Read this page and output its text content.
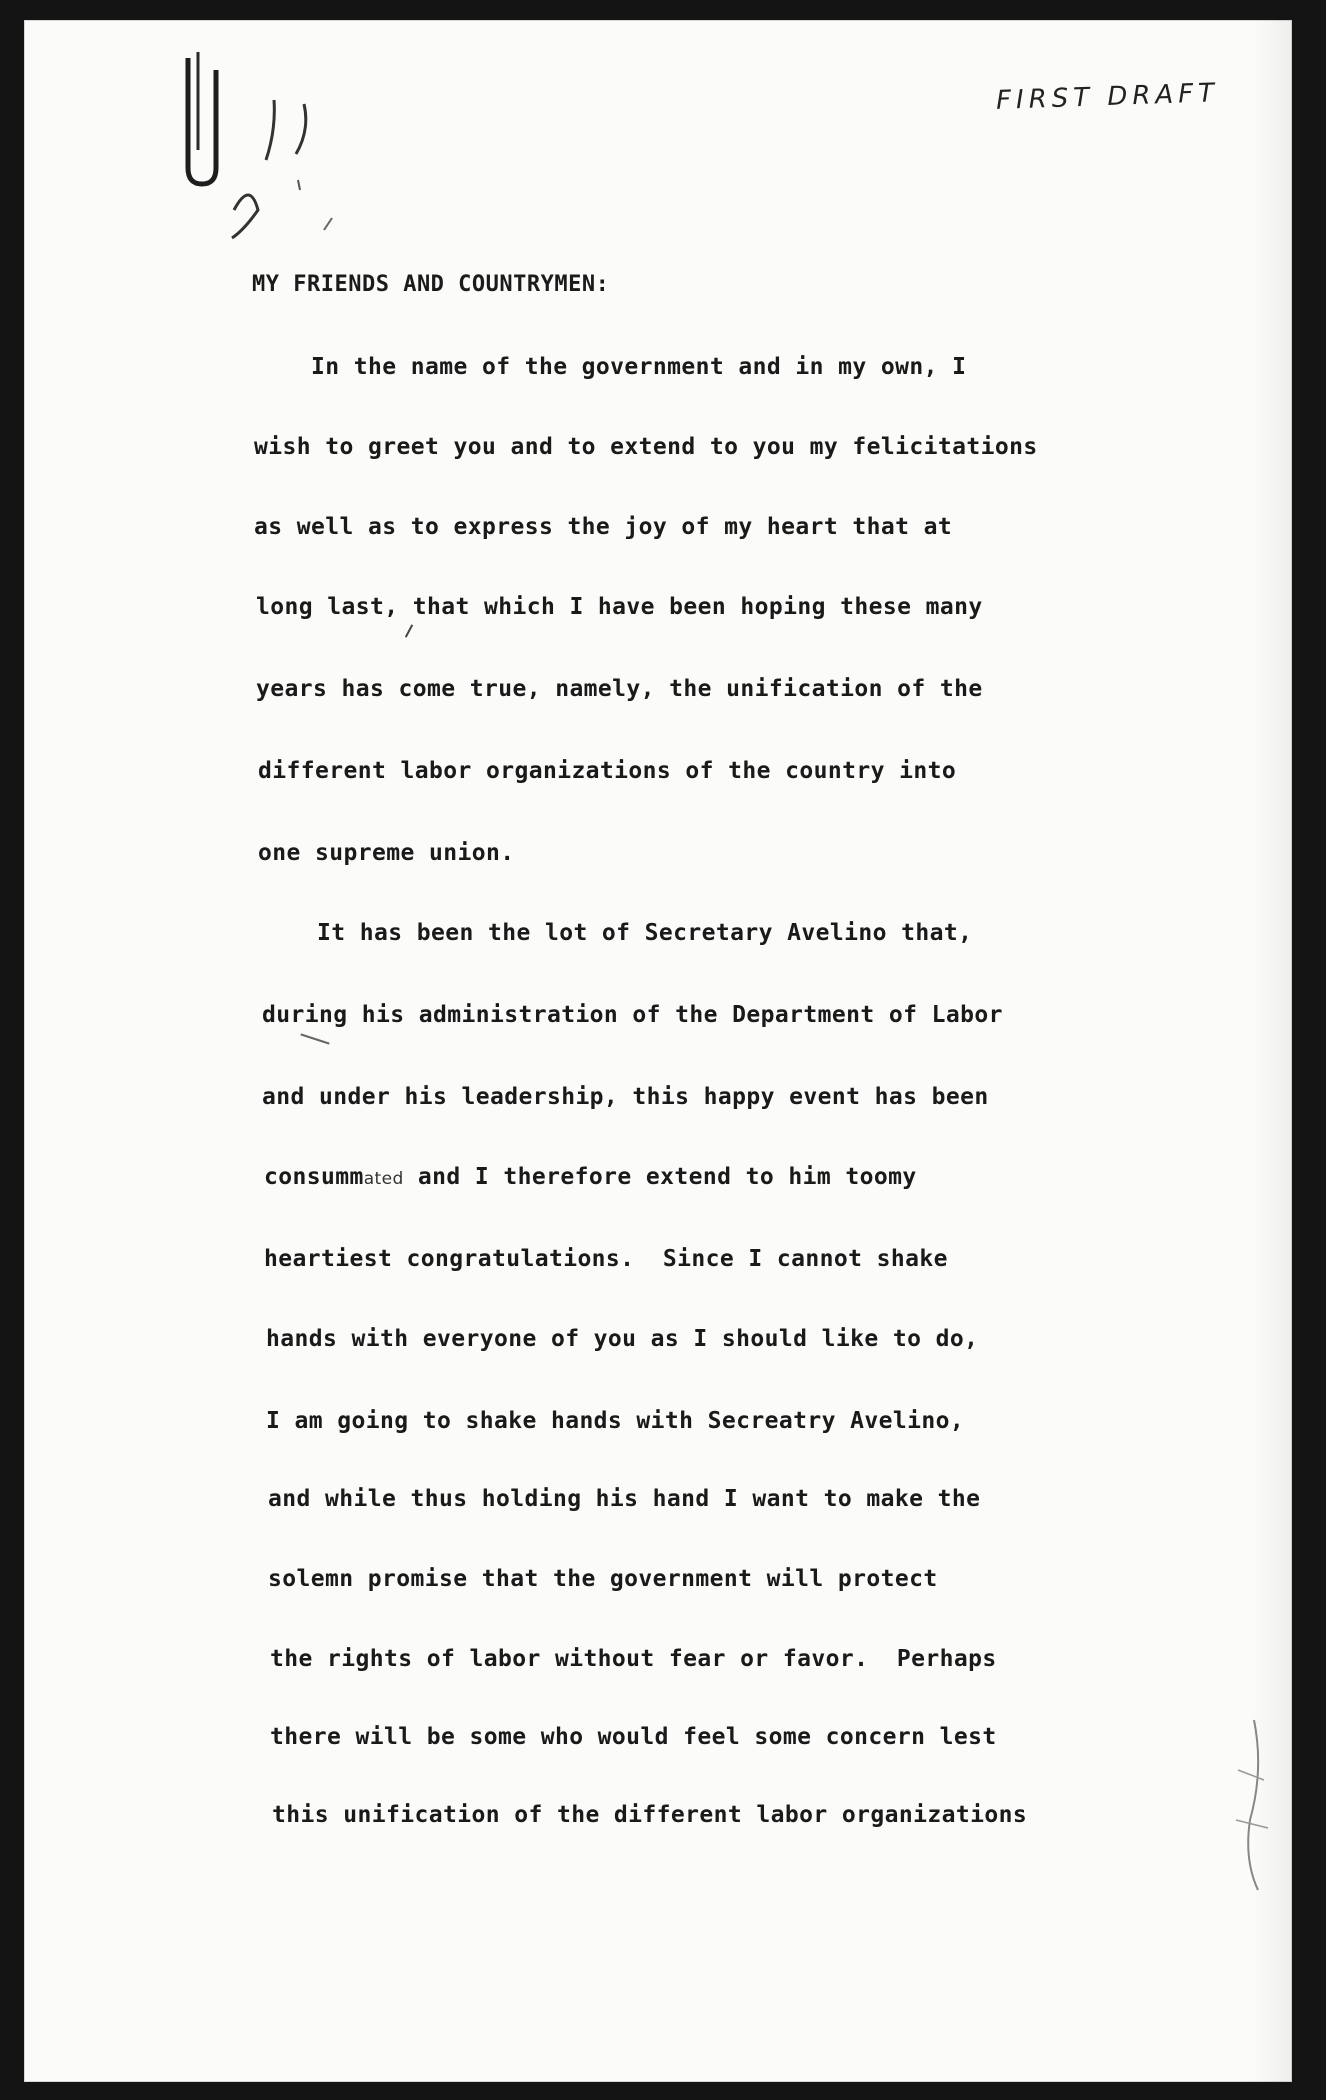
FIRST DRAFT
MY FRIENDS AND COUNTRYMEN:
In the name of the government and in my own, I
wish to greet you and to extend to you my felicitations
as well as to express the joy of my heart that at
long last, that which I have been hoping these many
years has come true, namely, the unification of the
different labor organizations of the country into
one supreme union.
It has been the lot of Secretary Avelino that,
during his administration of the Department of Labor
and under his leadership, this happy event has been
consummated and I therefore extend to him toomy
heartiest congratulations.  Since I cannot shake
hands with everyone of you as I should like to do,
I am going to shake hands with Secreatry Avelino,
and while thus holding his hand I want to make the
solemn promise that the government will protect
the rights of labor without fear or favor.  Perhaps
there will be some who would feel some concern lest
this unification of the different labor organizations
